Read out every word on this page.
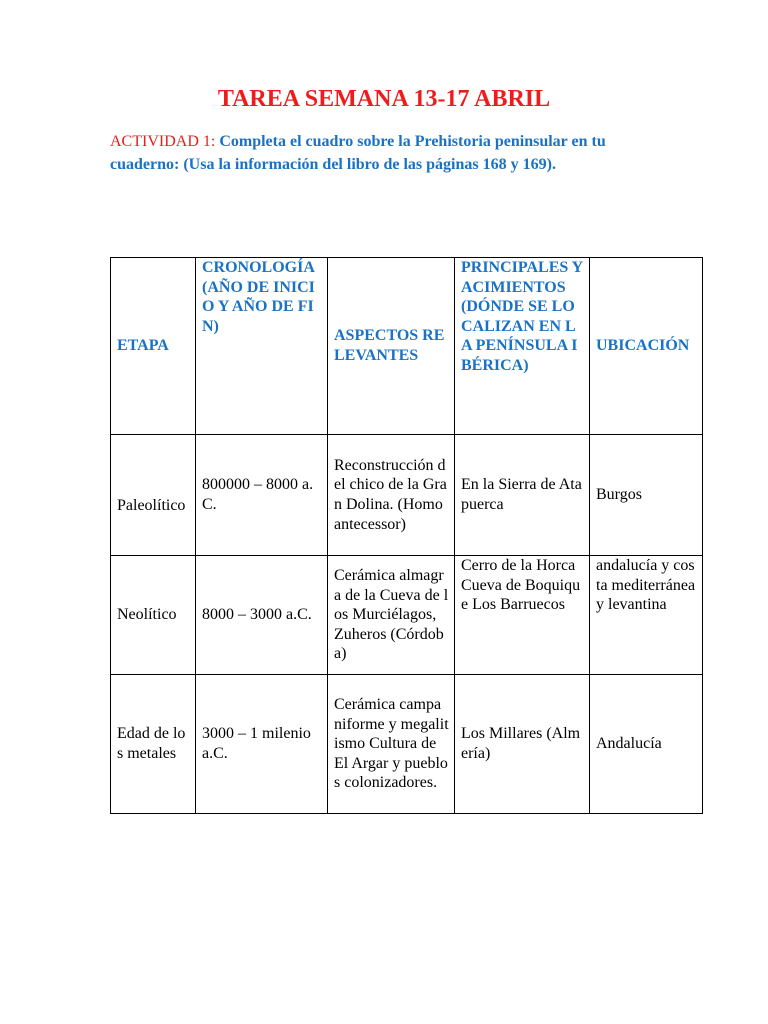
TAREA SEMANA 13-17 ABRIL
ACTIVIDAD 1: Completa el cuadro sobre la Prehistoria peninsular en tu cuaderno: (Usa la información del libro de las páginas 168 y 169).
ETAPA	CRONOLOGÍA (AÑO DE INICIO Y AÑO DE FIN)	ASPECTOS RELEVANTES	PRINCIPALES YACIMIENTOS (DÓNDE SE LOCALIZAN EN LA PENÍNSULA IBÉRICA)	UBICACIÓN
Paleolítico	800000 – 8000 a.C.	Reconstrucción del chico de la Gran Dolina. (Homo antecessor)	En la Sierra de Atapuerca	Burgos
Neolítico	8000 – 3000 a.C.	Cerámica almagra de la Cueva de los Murciélagos, Zuheros (Córdoba)	Cerro de la Horca Cueva de Boquique Los Barruecos	andalucía y costa mediterránea y levantina
Edad de los metales	3000 – 1 milenio a.C.	Cerámica campaniforme y megalitismo Cultura de El Argar y pueblos colonizadores.	Los Millares (Almería)	Andalucía
